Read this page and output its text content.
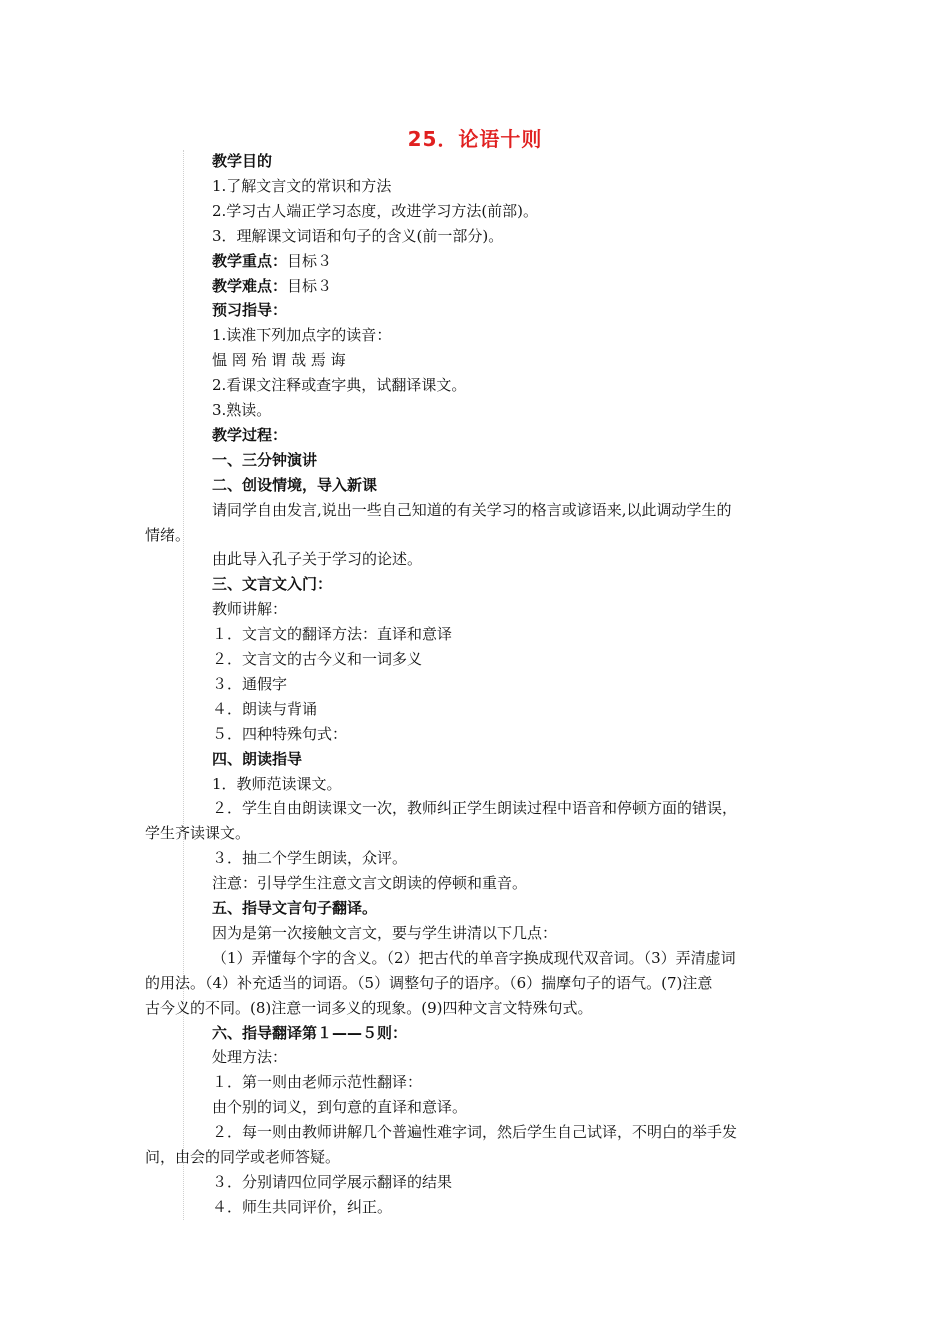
25．论语十则
教学目的
1.了解文言文的常识和方法
2.学习古人端正学习态度，改进学习方法(前部)。
3．理解课文词语和句子的含义(前一部分)。
教学重点：目标３
教学难点：目标３
预习指导：
1.读准下列加点字的读音：
愠 罔 殆 谓 哉 焉 诲
2.看课文注释或查字典，试翻译课文。
3.熟读。
教学过程：
一、三分钟演讲
二、创设情境，导入新课
请同学自由发言,说出一些自己知道的有关学习的格言或谚语来,以此调动学生的
情绪。
由此导入孔子关于学习的论述。
三、文言文入门：
教师讲解：
１．文言文的翻译方法：直译和意译
２．文言文的古今义和一词多义
３．通假字
４．朗读与背诵
５．四种特殊句式：
四、朗读指导
1．教师范读课文。
２．学生自由朗读课文一次，教师纠正学生朗读过程中语音和停顿方面的错误，
学生齐读课文。
３．抽二个学生朗读，众评。
注意：引导学生注意文言文朗读的停顿和重音。
五、指导文言句子翻译。
因为是第一次接触文言文，要与学生讲清以下几点：
（1）弄懂每个字的含义。（2）把古代的单音字换成现代双音词。（3）弄清虚词
的用法。（4）补充适当的词语。（5）调整句子的语序。（6）揣摩句子的语气。(7)注意
古今义的不同。(8)注意一词多义的现象。(9)四种文言文特殊句式。
六、指导翻译第１——５则：
处理方法：
１．第一则由老师示范性翻译：
由个别的词义，到句意的直译和意译。
２．每一则由教师讲解几个普遍性难字词，然后学生自己试译，不明白的举手发
问，由会的同学或老师答疑。
３．分别请四位同学展示翻译的结果
４．师生共同评价，纠正。
